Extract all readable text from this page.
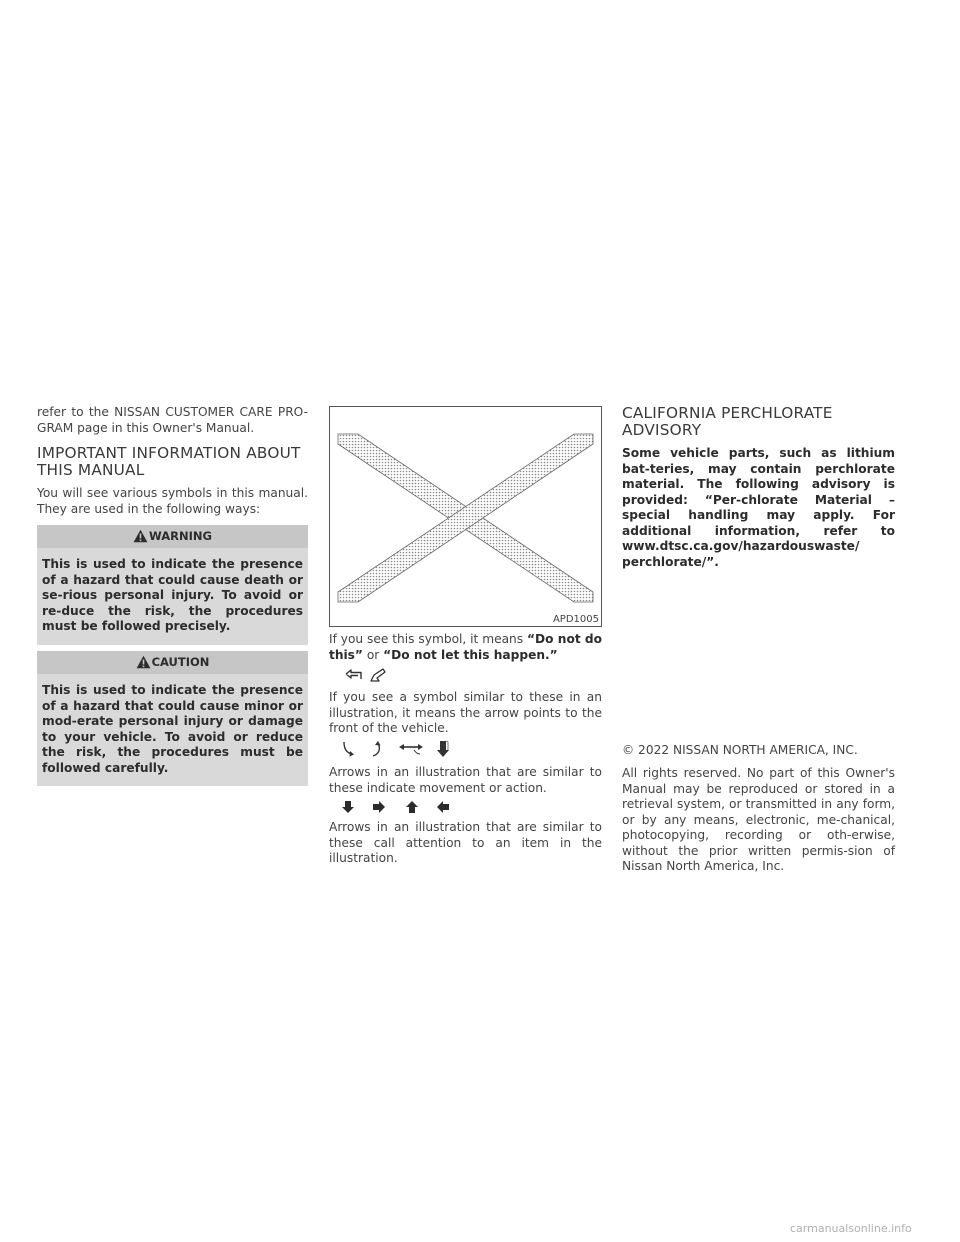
refer to the NISSAN CUSTOMER CARE PRO-GRAM page in this Owner's Manual.

IMPORTANT INFORMATION ABOUT THIS MANUAL

You will see various symbols in this manual. They are used in the following ways:

WARNING

This is used to indicate the presence of a hazard that could cause death or se-rious personal injury. To avoid or re-duce the risk, the procedures must be followed precisely.

CAUTION

This is used to indicate the presence of a hazard that could cause minor or mod-erate personal injury or damage to your vehicle. To avoid or reduce the risk, the procedures must be followed carefully.

APD1005

If you see this symbol, it means “Do not do this” or “Do not let this happen.”

If you see a symbol similar to these in an illustration, it means the arrow points to the front of the vehicle.

Arrows in an illustration that are similar to these indicate movement or action.

Arrows in an illustration that are similar to these call attention to an item in the illustration.

CALIFORNIA PERCHLORATE ADVISORY

Some vehicle parts, such as lithium bat-teries, may contain perchlorate material. The following advisory is provided: “Per-chlorate Material – special handling may apply. For additional information, refer to www.dtsc.ca.gov/hazardouswaste/ perchlorate/”.

© 2022 NISSAN NORTH AMERICA, INC.

All rights reserved. No part of this Owner's Manual may be reproduced or stored in a retrieval system, or transmitted in any form, or by any means, electronic, me-chanical, photocopying, recording or oth-erwise, without the prior written permis-sion of Nissan North America, Inc.

carmanualsonline.info
